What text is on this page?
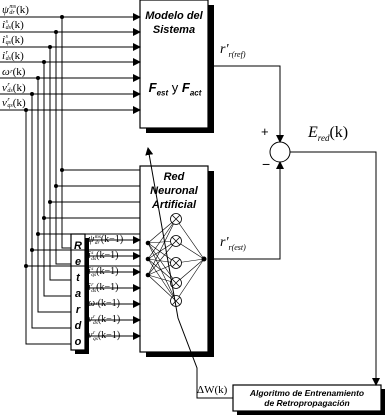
Modelo del
Sistema
$F_{est}$ y $F_{act}$
$r'_{r(ref)}$
Red Neuronal
Artificial
$r'_{r(est)}$
+
−
$E_{red}(k)$
ΔW(k)	Algoritmo de Entrenamiento
de Retropropagación
R
e
t
a
r
d
o
ψ ms
dr (k)
i s
ds (k)
i s
qs (k)
i r
ds (k)
ω r (k)
v r
ds (k)
v r
qs (k)
ψ ms
dr (k−1)
i s
ds (k−1)
i s
qs (k−1)
i r
ds (k−1)
ω r (k−1)
v r
ds (k−1)
v r
qs (k−1)
